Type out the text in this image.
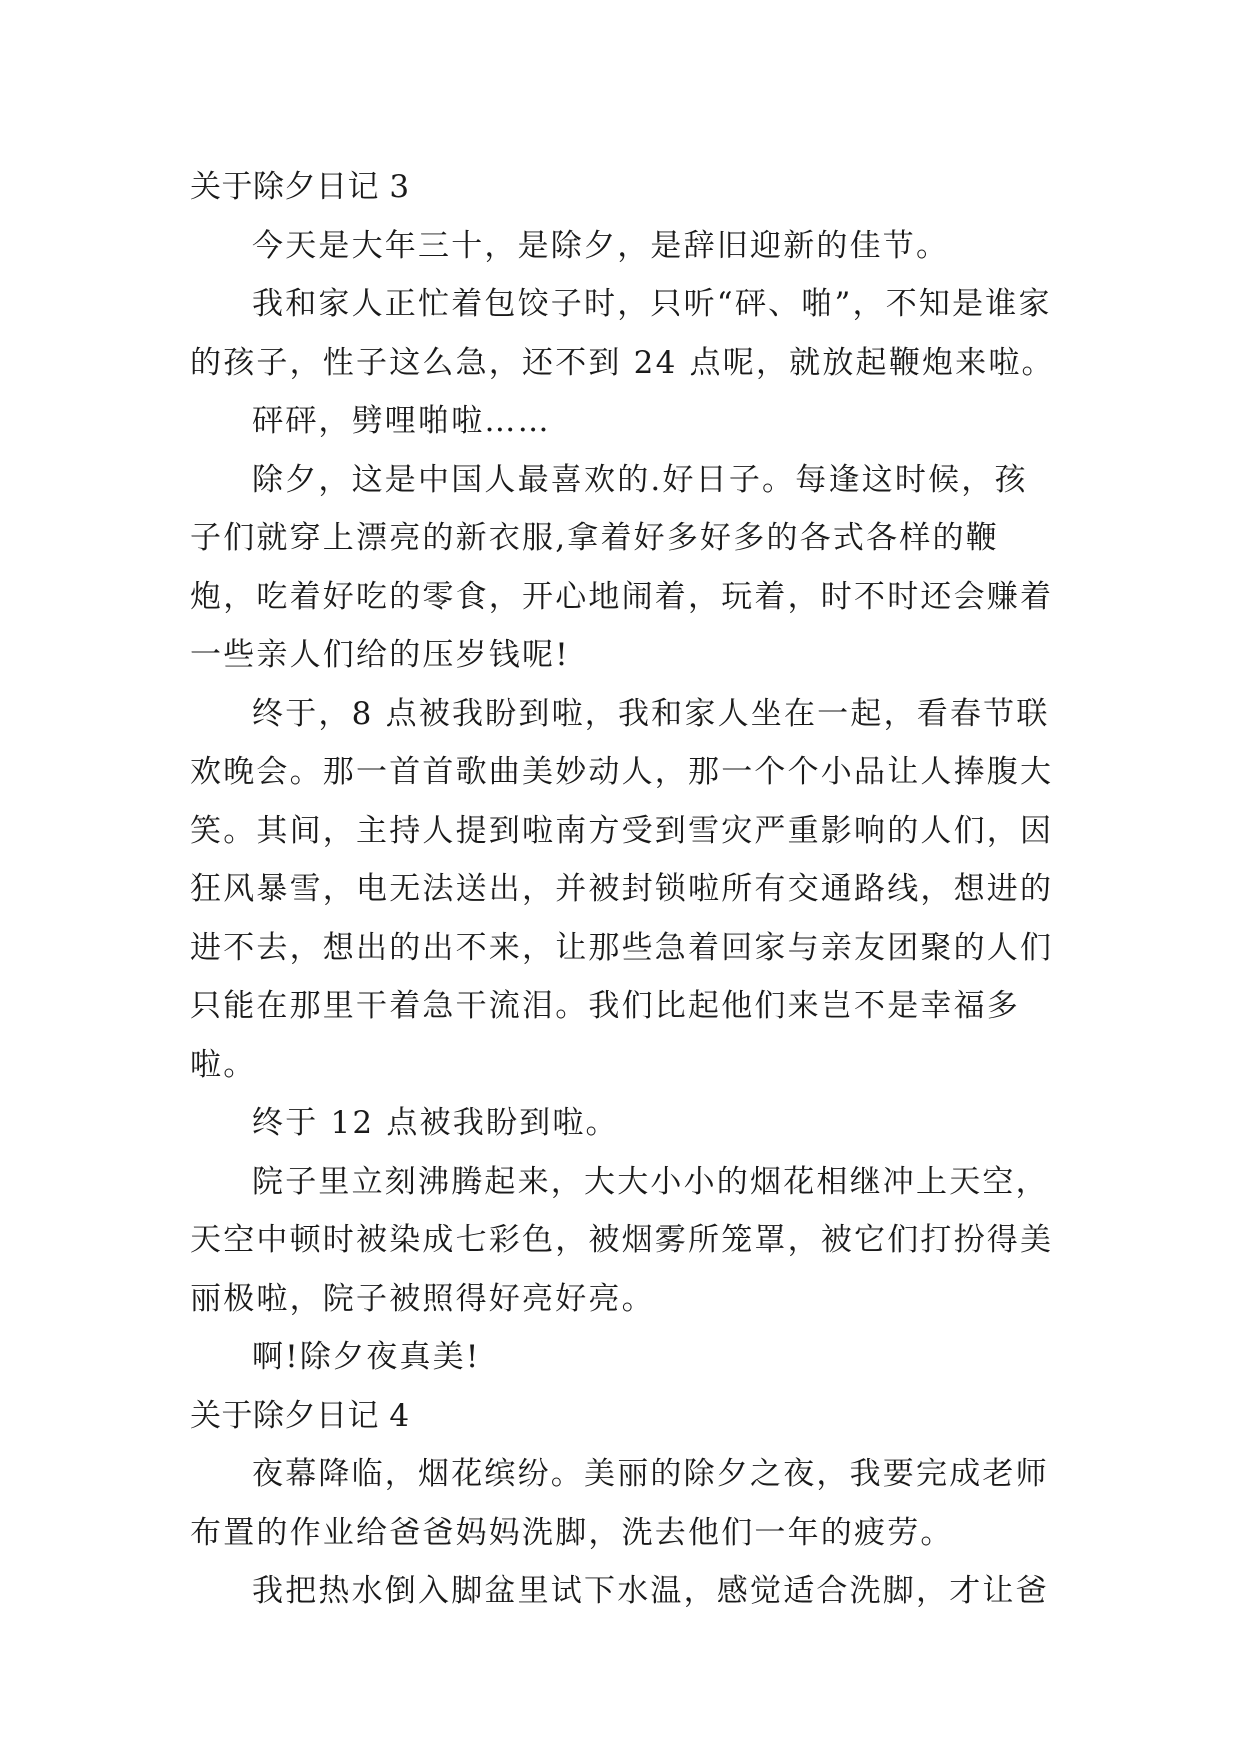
关于除夕日记 3

今天是大年三十，是除夕，是辞旧迎新的佳节。

我和家人正忙着包饺子时，只听“砰、啪”，不知是谁家的孩子，性子这么急，还不到 24 点呢，就放起鞭炮来啦。

砰砰，劈哩啪啦……

除夕，这是中国人最喜欢的.好日子。每逢这时候，孩子们就穿上漂亮的新衣服,拿着好多好多的各式各样的鞭炮，吃着好吃的零食，开心地闹着，玩着，时不时还会赚着一些亲人们给的压岁钱呢!

终于，8 点被我盼到啦，我和家人坐在一起，看春节联欢晚会。那一首首歌曲美妙动人，那一个个小品让人捧腹大笑。其间，主持人提到啦南方受到雪灾严重影响的人们，因狂风暴雪，电无法送出，并被封锁啦所有交通路线，想进的进不去，想出的出不来，让那些急着回家与亲友团聚的人们只能在那里干着急干流泪。我们比起他们来岂不是幸福多啦。

终于 12 点被我盼到啦。

院子里立刻沸腾起来，大大小小的烟花相继冲上天空，天空中顿时被染成七彩色，被烟雾所笼罩，被它们打扮得美丽极啦，院子被照得好亮好亮。

啊!除夕夜真美!

关于除夕日记 4

夜幕降临，烟花缤纷。美丽的除夕之夜，我要完成老师布置的作业给爸爸妈妈洗脚，洗去他们一年的疲劳。

我把热水倒入脚盆里试下水温，感觉适合洗脚，才让爸
